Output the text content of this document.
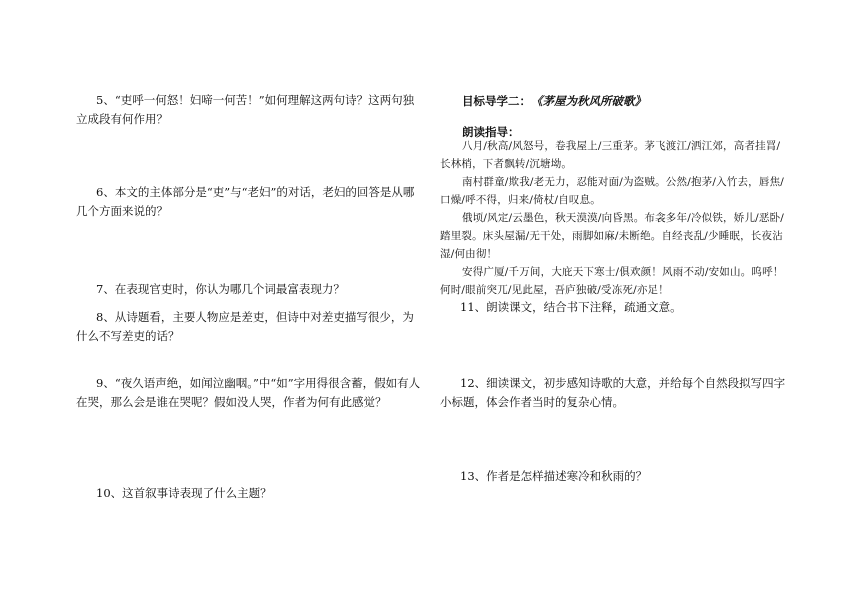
5、“吏呼一何怒！妇啼一何苦！”如何理解这两句诗？这两句独立成段有何作用？

6、本文的主体部分是“吏”与“老妇”的对话，老妇的回答是从哪几个方面来说的？

7、在表现官吏时，你认为哪几个词最富表现力？

8、从诗题看，主要人物应是差吏，但诗中对差吏描写很少，为什么不写差吏的话？

9、“夜久语声绝，如闻泣幽咽。”中“如”字用得很含蓄，假如有人在哭，那么会是谁在哭呢？假如没人哭，作者为何有此感觉？

10、这首叙事诗表现了什么主题？

目标导学二：《茅屋为秋风所破歌》

朗读指导：

八月/秋高/风怒号，卷我屋上/三重茅。茅飞渡江/洒江郊，高者挂罥/长林梢，下者飘转/沉塘坳。

南村群童/欺我/老无力，忍能对面/为盗贼。公然/抱茅/入竹去，唇焦/口燥/呼不得，归来/倚杖/自叹息。

俄顷/风定/云墨色，秋天漠漠/向昏黑。布衾多年/冷似铁，娇儿/恶卧/踏里裂。床头屋漏/无干处，雨脚如麻/未断绝。自经丧乱/少睡眠，长夜沾湿/何由彻！

安得广厦/千万间，大庇天下寒士/俱欢颜！风雨不动/安如山。呜呼！何时/眼前突兀/见此屋，吾庐独破/受冻死/亦足！

11、朗读课文，结合书下注释，疏通文意。

12、细读课文，初步感知诗歌的大意，并给每个自然段拟写四字小标题，体会作者当时的复杂心情。

13、作者是怎样描述寒冷和秋雨的？
